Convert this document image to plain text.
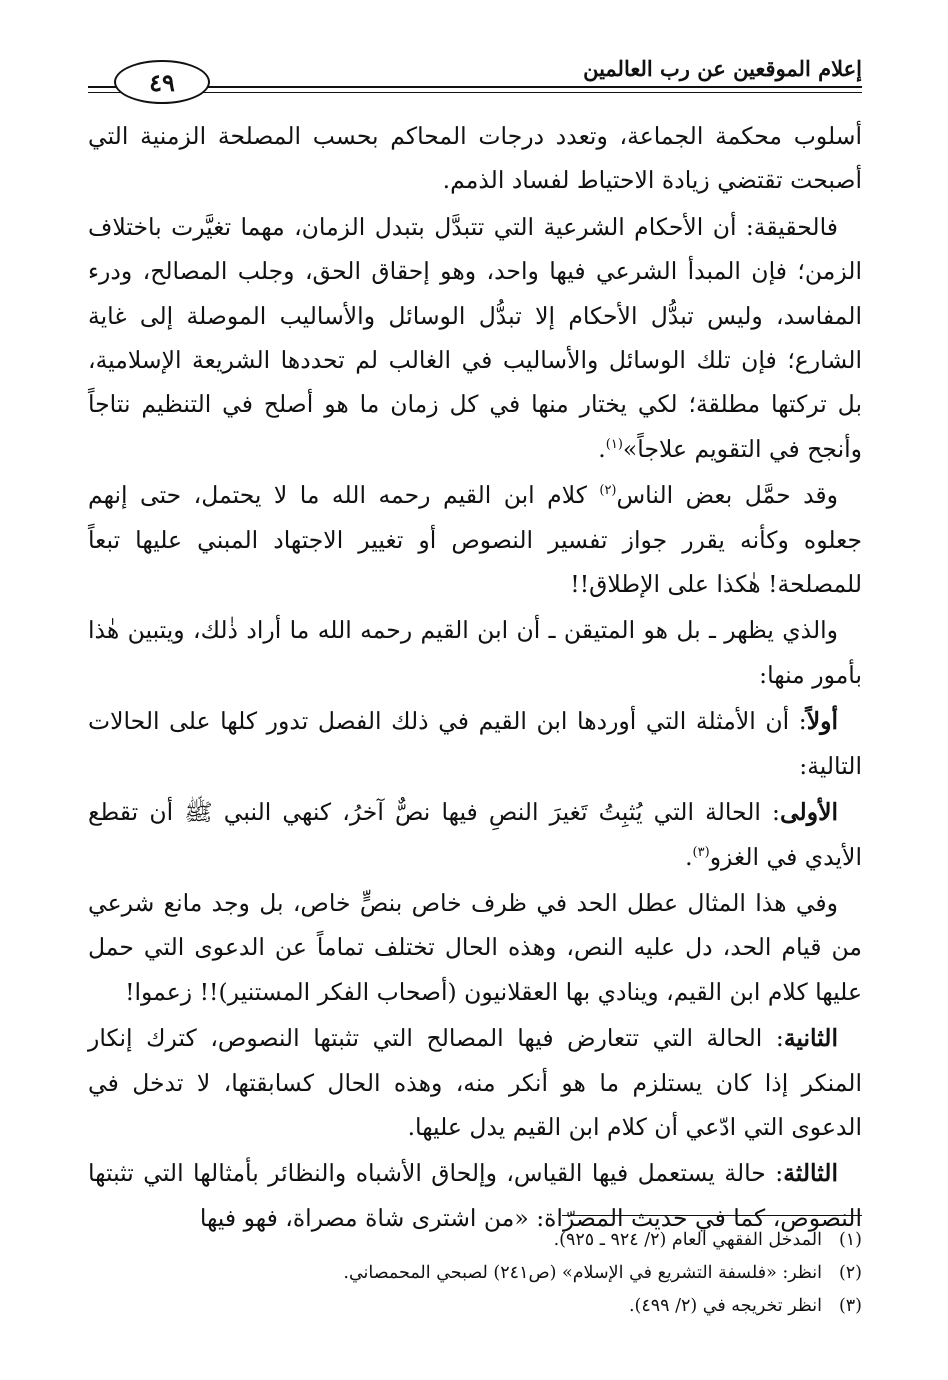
إعلام الموقعين عن رب العالمين
٤٩

أسلوب محكمة الجماعة، وتعدد درجات المحاكم بحسب المصلحة الزمنية التي أصبحت تقتضي زيادة الاحتياط لفساد الذمم.

فالحقيقة: أن الأحكام الشرعية التي تتبدَّل بتبدل الزمان، مهما تغيَّرت باختلاف الزمن؛ فإن المبدأ الشرعي فيها واحد، وهو إحقاق الحق، وجلب المصالح، ودرء المفاسد، وليس تبدُّل الأحكام إلا تبدُّل الوسائل والأساليب الموصلة إلى غاية الشارع؛ فإن تلك الوسائل والأساليب في الغالب لم تحددها الشريعة الإسلامية، بل تركتها مطلقة؛ لكي يختار منها في كل زمان ما هو أصلح في التنظيم نتاجاً وأنجح في التقويم علاجاً»$^{(١)}$.

وقد حمَّل بعض الناس$^{(٢)}$ كلام ابن القيم رحمه الله ما لا يحتمل، حتى إنهم جعلوه وكأنه يقرر جواز تفسير النصوص أو تغيير الاجتهاد المبني عليها تبعاً للمصلحة! هٰكذا على الإطلاق!!

والذي يظهر ـ بل هو المتيقن ـ أن ابن القيم رحمه الله ما أراد ذٰلك، ويتبين هٰذا بأمور منها:

أولاً: أن الأمثلة التي أوردها ابن القيم في ذلك الفصل تدور كلها على الحالات التالية:

الأولى: الحالة التي يُثبِتُ تَغيرَ النصِ فيها نصٌّ آخرُ، كنهي النبي ﷺ أن تقطع الأيدي في الغزو$^{(٣)}$.

وفي هذا المثال عطل الحد في ظرف خاص بنصٍّ خاص، بل وجد مانع شرعي من قيام الحد، دل عليه النص، وهذه الحال تختلف تماماً عن الدعوى التي حمل عليها كلام ابن القيم، وينادي بها العقلانيون (أصحاب الفكر المستنير)!! زعموا!

الثانية: الحالة التي تتعارض فيها المصالح التي تثبتها النصوص، كترك إنكار المنكر إذا كان يستلزم ما هو أنكر منه، وهذه الحال كسابقتها، لا تدخل في الدعوى التي ادّعي أن كلام ابن القيم يدل عليها.

الثالثة: حالة يستعمل فيها القياس، وإلحاق الأشباه والنظائر بأمثالها التي تثبتها النصوص، كما في حديث المصرّاة: «من اشترى شاة مصراة، فهو فيها

(١)المدخل الفقهي العام (٢/ ٩٢٤ ـ ٩٢٥).
(٢)انظر: «فلسفة التشريع في الإسلام» (ص٢٤١) لصبحي المحمصاني.
(٣)انظر تخريجه في (٢/ ٤٩٩).
